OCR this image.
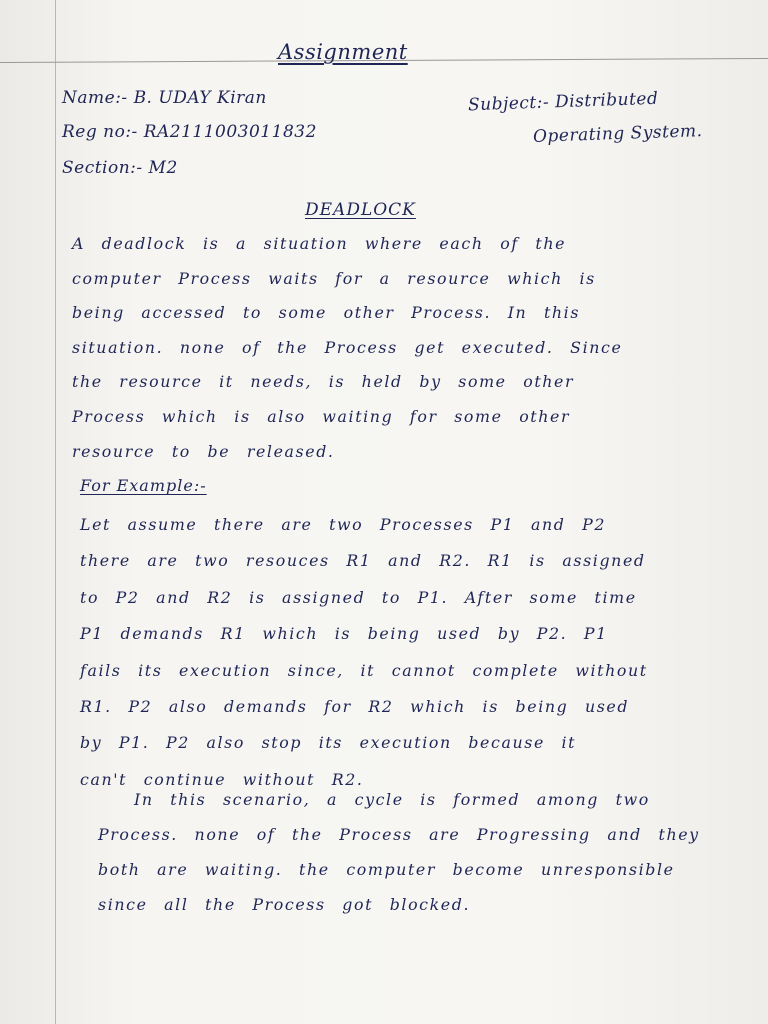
Assignment
Name:- B. UDAY Kiran
Reg no:- RA2111003011832
Section:- M2
Subject:- Distributed
Operating System.
DEADLOCK
A deadlock is a situation where each of the
computer Process waits for a resource which is
being accessed to some other Process. In this
situation. none of the Process get executed. Since
the resource it needs, is held by some other
Process which is also waiting for some other
resource to be released.
For Example:-
Let assume there are two Processes P1 and P2
there are two resouces R1 and R2. R1 is assigned
to P2 and R2 is assigned to P1. After some time
P1 demands R1 which is being used by P2. P1
fails its execution since, it cannot complete without
R1. P2 also demands for R2 which is being used
by P1. P2 also stop its execution because it
can't continue without R2.
In this scenario, a cycle is formed among two
Process. none of the Process are Progressing and they
both are waiting. the computer become unresponsible
since all the Process got blocked.
